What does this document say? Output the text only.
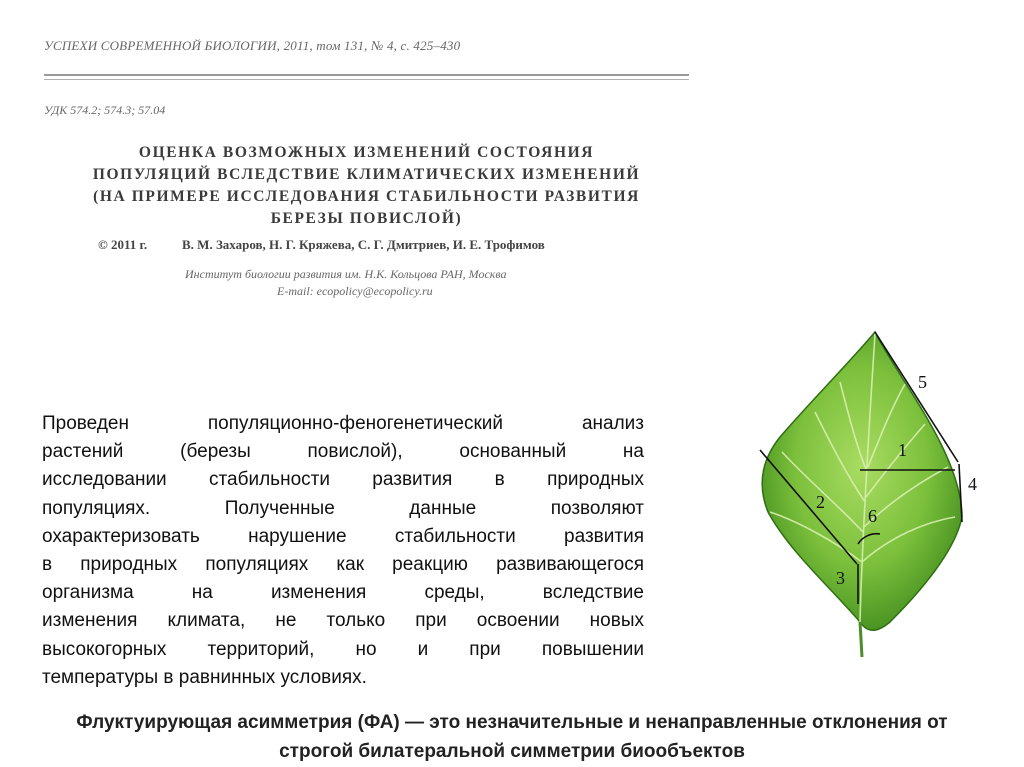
УСПЕХИ СОВРЕМЕННОЙ БИОЛОГИИ, 2011, том 131, № 4, с. 425–430
УДК 574.2; 574.3; 57.04
ОЦЕНКА ВОЗМОЖНЫХ ИЗМЕНЕНИЙ СОСТОЯНИЯ
ПОПУЛЯЦИЙ ВСЛЕДСТВИЕ КЛИМАТИЧЕСКИХ ИЗМЕНЕНИЙ
(НА ПРИМЕРЕ ИССЛЕДОВАНИЯ СТАБИЛЬНОСТИ РАЗВИТИЯ
БЕРЕЗЫ ПОВИСЛОЙ)
© 2011 г.	В. М. Захаров, Н. Г. Кряжева, С. Г. Дмитриев, И. Е. Трофимов
Институт биологии развития им. Н.К. Кольцова РАН, Москва
E-mail: ecopolicy@ecopolicy.ru
Проведен популяционно-феногенетический анализ
растений (березы повислой), основанный на
исследовании стабильности развития в природных
популяциях. Полученные данные позволяют
охарактеризовать нарушение стабильности развития
в природных популяциях как реакцию развивающегося
организма на изменения среды, вследствие
изменения климата, не только при освоении новых
высокогорных территорий, но и при повышении
температуры в равнинных условиях.
5
1
4
2
6
3
Флуктуирующая асимметрия (ФА) — это незначительные и ненаправленные отклонения от
строгой билатеральной симметрии биообъектов
